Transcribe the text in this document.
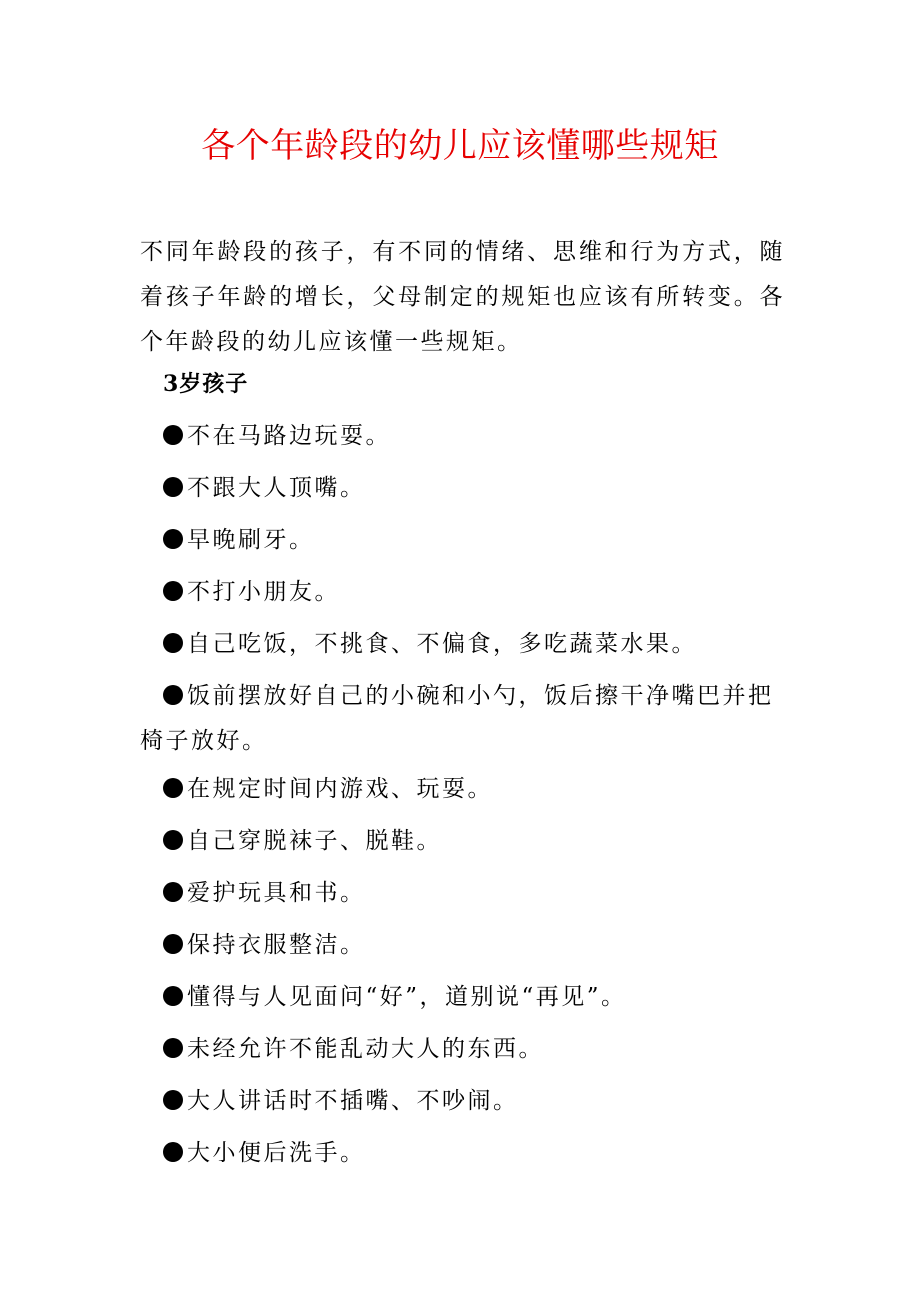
各个年龄段的幼儿应该懂哪些规矩

不同年龄段的孩子，有不同的情绪、思维和行为方式，随着孩子年龄的增长，父母制定的规矩也应该有所转变。各个年龄段的幼儿应该懂一些规矩。

3岁孩子
不在马路边玩耍。
不跟大人顶嘴。
早晚刷牙。
不打小朋友。
自己吃饭，不挑食、不偏食，多吃蔬菜水果。
饭前摆放好自己的小碗和小勺，饭后擦干净嘴巴并把椅子放好。
在规定时间内游戏、玩耍。
自己穿脱袜子、脱鞋。
爱护玩具和书。
保持衣服整洁。
懂得与人见面问“好”，道别说“再见”。
未经允许不能乱动大人的东西。
大人讲话时不插嘴、不吵闹。
大小便后洗手。
